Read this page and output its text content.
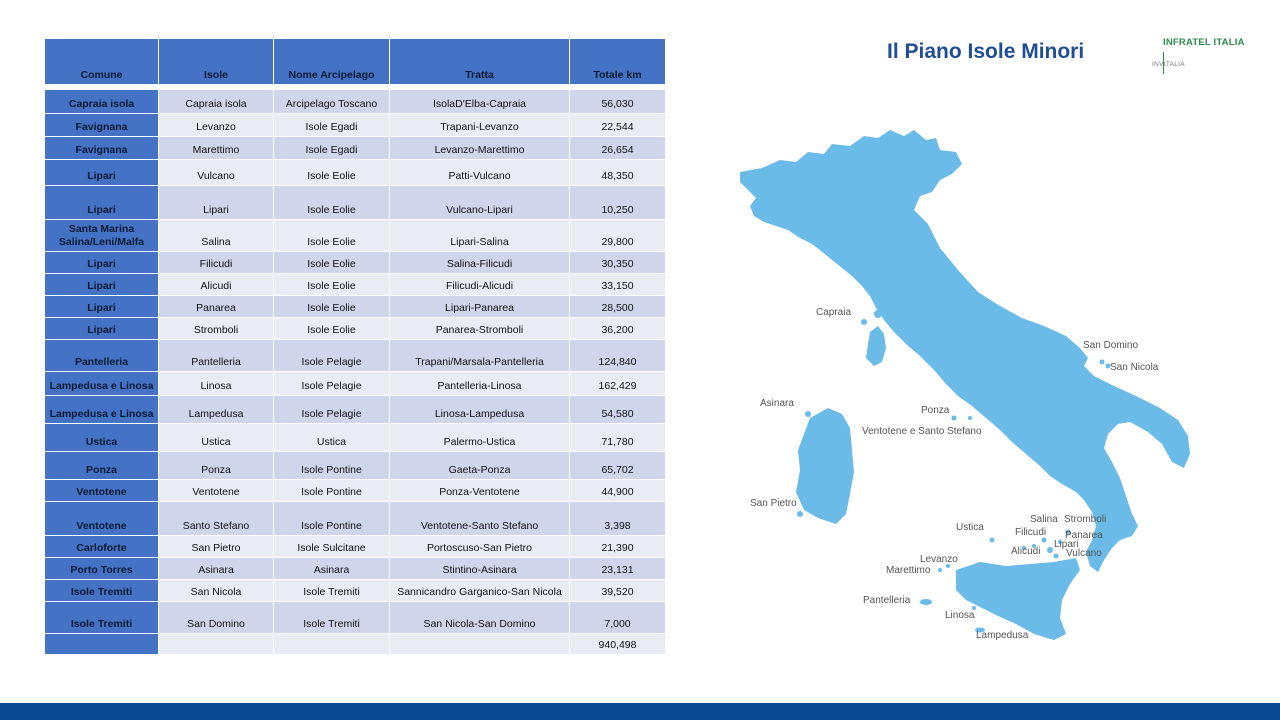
Comune	Isole	Nome Arcipelago	Tratta	Totale km

Capraia isola	Capraia isola	Arcipelago Toscano	IsolaD'Elba-Capraia	56,030
Favignana	Levanzo	Isole Egadi	Trapani-Levanzo	22,544
Favignana	Marettimo	Isole Egadi	Levanzo-Marettimo	26,654
Lipari	Vulcano	Isole Eolie	Patti-Vulcano	48,350
Lipari	Lipari	Isole Eolie	Vulcano-Lipari	10,250
Santa Marina Salina/Leni/Malfa	Salina	Isole Eolie	Lipari-Salina	29,800
Lipari	Filicudi	Isole Eolie	Salina-Filicudi	30,350
Lipari	Alicudi	Isole Eolie	Filicudi-Alicudi	33,150
Lipari	Panarea	Isole Eolie	Lipari-Panarea	28,500
Lipari	Stromboli	Isole Eolie	Panarea-Stromboli	36,200
Pantelleria	Pantelleria	Isole Pelagie	Trapani/Marsala-Pantelleria	124,840
Lampedusa e Linosa	Linosa	Isole Pelagie	Pantelleria-Linosa	162,429
Lampedusa e Linosa	Lampedusa	Isole Pelagie	Linosa-Lampedusa	54,580
Ustica	Ustica	Ustica	Palermo-Ustica	71,780
Ponza	Ponza	Isole Pontine	Gaeta-Ponza	65,702
Ventotene	Ventotene	Isole Pontine	Ponza-Ventotene	44,900
Ventotene	Santo Stefano	Isole Pontine	Ventotene-Santo Stefano	3,398
Carloforte	San Pietro	Isole Sulcitane	Portoscuso-San Pietro	21,390
Porto Torres	Asinara	Asinara	Stintino-Asinara	23,131
Isole Tremiti	San Nicola	Isole Tremiti	Sannicandro Garganico-San Nicola	39,520
Isole Tremiti	San Domino	Isole Tremiti	San Nicola-San Domino	7,000
				940,498
Il Piano Isole Minori	INFRATEL ITALIA
INVITALIA
Capraia
San Domino
San Nicola
Asinara
Ponza
Ventotene e Santo Stefano
San Pietro
Ustica
Salina Stromboli
Filicudi Panarea
Lipari
Alicudi	Vulcano
Levanzo
Marettimo
Pantelleria
Linosa
Lampedusa
